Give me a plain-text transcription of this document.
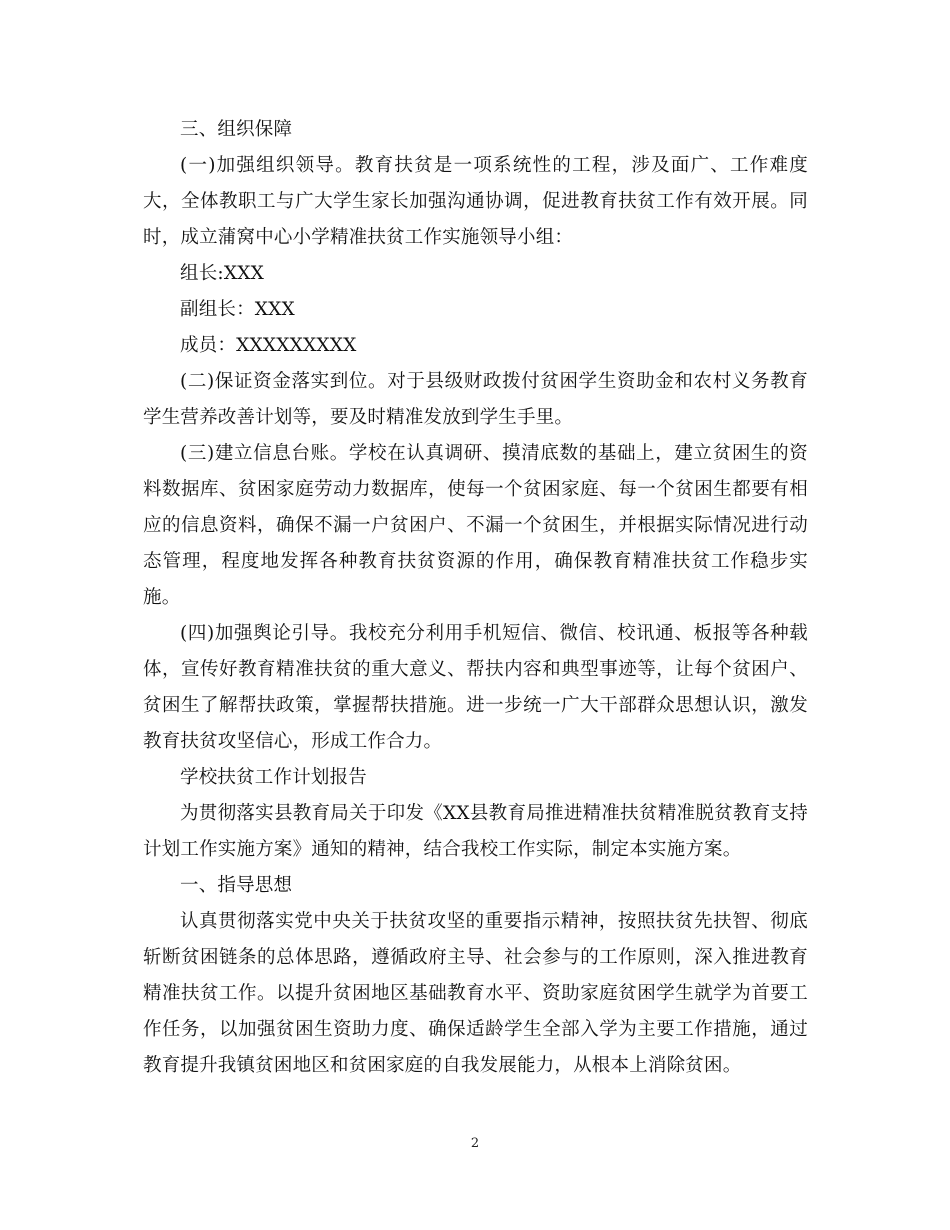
三、组织保障

(一)加强组织领导。教育扶贫是一项系统性的工程，涉及面广、工作难度大，全体教职工与广大学生家长加强沟通协调，促进教育扶贫工作有效开展。同时，成立蒲窝中心小学精准扶贫工作实施领导小组：

组长:XXX

副组长：XXX

成员：XXXXXXXXX

(二)保证资金落实到位。对于县级财政拨付贫困学生资助金和农村义务教育学生营养改善计划等，要及时精准发放到学生手里。

(三)建立信息台账。学校在认真调研、摸清底数的基础上，建立贫困生的资料数据库、贫困家庭劳动力数据库，使每一个贫困家庭、每一个贫困生都要有相应的信息资料，确保不漏一户贫困户、不漏一个贫困生，并根据实际情况进行动态管理，程度地发挥各种教育扶贫资源的作用，确保教育精准扶贫工作稳步实施。

(四)加强舆论引导。我校充分利用手机短信、微信、校讯通、板报等各种载体，宣传好教育精准扶贫的重大意义、帮扶内容和典型事迹等，让每个贫困户、贫困生了解帮扶政策，掌握帮扶措施。进一步统一广大干部群众思想认识，激发教育扶贫攻坚信心，形成工作合力。

学校扶贫工作计划报告

为贯彻落实县教育局关于印发《XX县教育局推进精准扶贫精准脱贫教育支持计划工作实施方案》通知的精神，结合我校工作实际，制定本实施方案。

一、指导思想

认真贯彻落实党中央关于扶贫攻坚的重要指示精神，按照扶贫先扶智、彻底斩断贫困链条的总体思路，遵循政府主导、社会参与的工作原则，深入推进教育精准扶贫工作。以提升贫困地区基础教育水平、资助家庭贫困学生就学为首要工作任务，以加强贫困生资助力度、确保适龄学生全部入学为主要工作措施，通过教育提升我镇贫困地区和贫困家庭的自我发展能力，从根本上消除贫困。

2
